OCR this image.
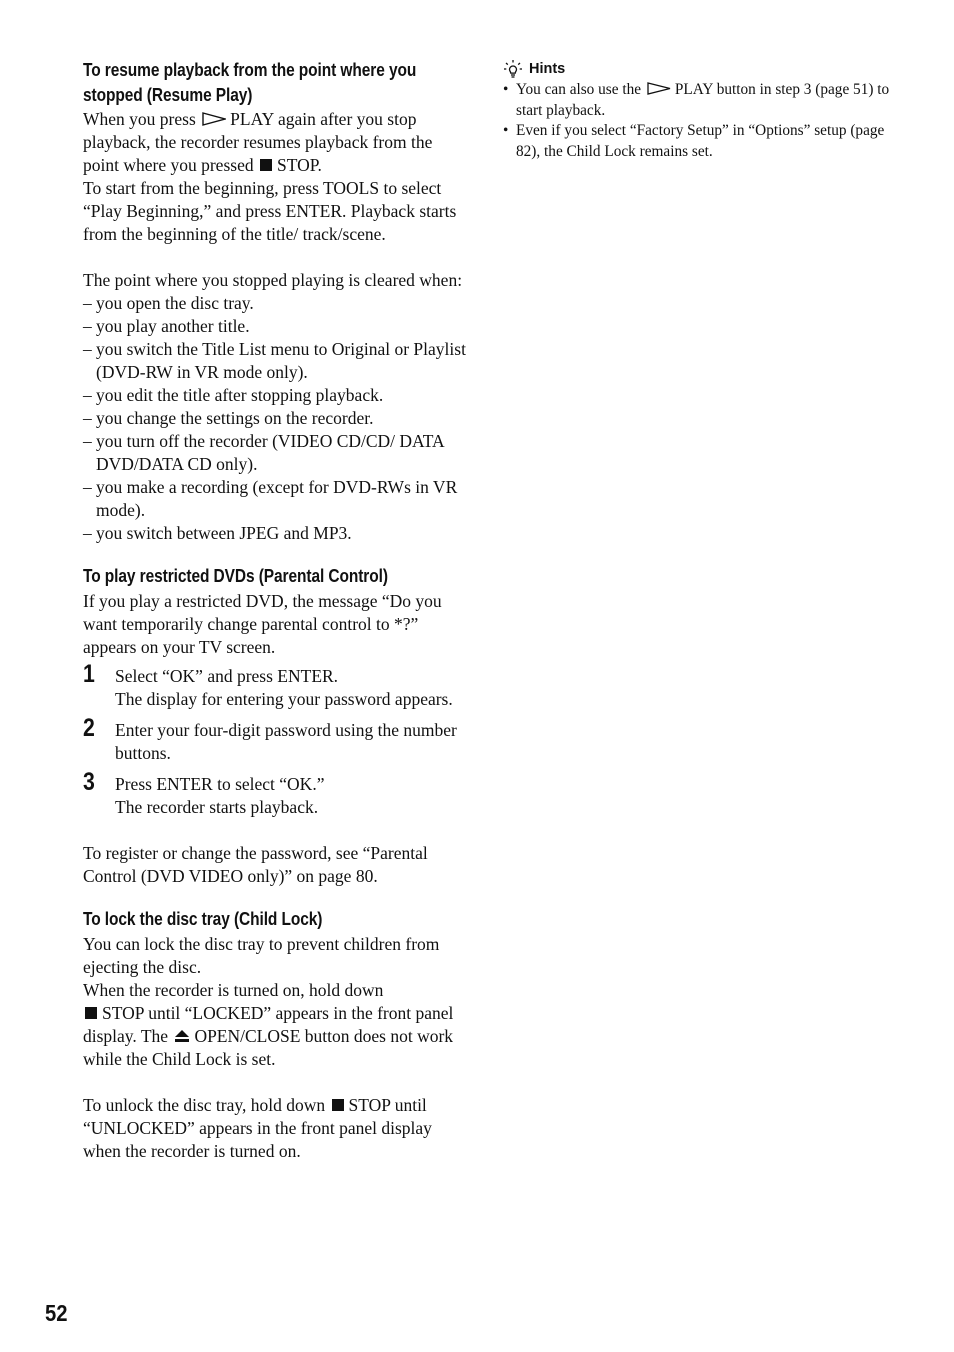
To resume playback from the point where you stopped (Resume Play)

When you press PLAY again after you stop playback, the recorder resumes playback from the point where you pressed STOP.

To start from the beginning, press TOOLS to select “Play Beginning,” and press ENTER. Playback starts from the beginning of the title/ track/scene.

The point where you stopped playing is cleared when:

– you open the disc tray.
– you play another title.
– you switch the Title List menu to Original or Playlist (DVD-RW in VR mode only).
– you edit the title after stopping playback.
– you change the settings on the recorder.
– you turn off the recorder (VIDEO CD/CD/ DATA DVD/DATA CD only).
– you make a recording (except for DVD-RWs in VR mode).
– you switch between JPEG and MP3.
To play restricted DVDs (Parental Control)

If you play a restricted DVD, the message “Do you want temporarily change parental control to *?” appears on your TV screen.

1 Select “OK” and press ENTER.

The display for entering your password appears.

2 Enter your four-digit password using the number buttons.

3 Press ENTER to select “OK.”

The recorder starts playback.

To register or change the password, see “Parental Control (DVD VIDEO only)” on page 80.

To lock the disc tray (Child Lock)

You can lock the disc tray to prevent children from ejecting the disc.

When the recorder is turned on, hold down
STOP until “LOCKED” appears in the front panel display. The OPEN/CLOSE button does not work while the Child Lock is set.

To unlock the disc tray, hold down STOP until “UNLOCKED” appears in the front panel display when the recorder is turned on.

Hints
• You can also use the PLAY button in step 3 (page 51) to start playback.
• Even if you select “Factory Setup” in “Options” setup (page 82), the Child Lock remains set.
52
